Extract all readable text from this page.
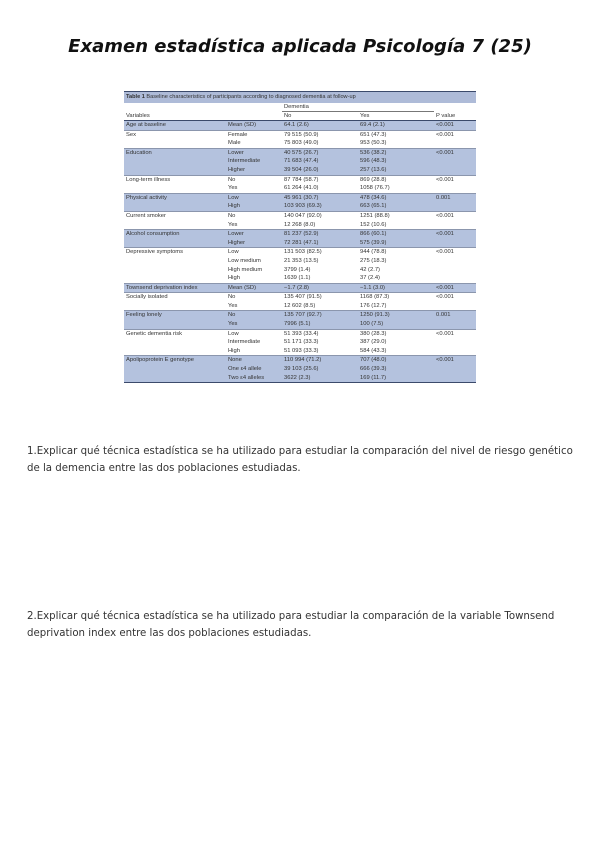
Examen estadística aplicada Psicología 7 (25)
Table 1 Baseline characteristics of participants according to diagnosed dementia at follow-up
		Dementia		
Variables		No	Yes	P value
Age at baseline	Mean (SD)	64.1 (2.6)	69.4 (2.1)	<0.001
Sex	Female	79 515 (50.9)	651 (47.3)	<0.001
	Male	75 803 (49.0)	953 (50.3)	
Education	Lower	40 575 (26.7)	536 (38.2)	<0.001
	Intermediate	71 683 (47.4)	596 (48.3)	
	Higher	39 504 (26.0)	257 (13.6)	
Long-term illness	No	87 784 (58.7)	869 (28.8)	<0.001
	Yes	61 264 (41.0)	1058 (76.7)	
Physical activity	Low	45 961 (30.7)	478 (34.6)	0.001
	High	103 903 (69.3)	663 (65.1)	
Current smoker	No	140 047 (92.0)	1251 (88.8)	<0.001
	Yes	12 268 (8.0)	152 (10.6)	
Alcohol consumption	Lower	81 237 (52.9)	866 (60.1)	<0.001
	Higher	72 281 (47.1)	575 (39.9)	
Depressive symptoms	Low	131 503 (82.5)	944 (78.8)	<0.001
	Low medium	21 353 (13.5)	275 (18.3)	
	High medium	3799 (1.4)	42 (2.7)	
	High	1639 (1.1)	37 (2.4)	
Townsend deprivation index	Mean (SD)	−1.7 (2.8)	−1.1 (3.0)	<0.001
Socially isolated	No	135 407 (91.5)	1168 (87.3)	<0.001
	Yes	12 602 (8.5)	176 (12.7)	
Feeling lonely	No	135 707 (92.7)	1250 (91.3)	0.001
	Yes	7996 (5.1)	100 (7.5)	
Genetic dementia risk	Low	51 393 (33.4)	380 (28.3)	<0.001
	Intermediate	51 171 (33.3)	387 (29.0)	
	High	51 093 (33.3)	584 (43.3)	
Apolipoprotein E genotype	None	110 994 (71.2)	707 (48.0)	<0.001
	One ε4 allele	39 103 (25.6)	666 (39.3)	
	Two ε4 alleles	3622 (2.3)	169 (11.7)	

1.Explicar qué técnica estadística se ha utilizado para estudiar la comparación del nivel de riesgo genético de la demencia entre las dos poblaciones estudiadas.

2.Explicar qué técnica estadística se ha utilizado para estudiar la comparación de la variable Townsend deprivation index entre las dos poblaciones estudiadas.
